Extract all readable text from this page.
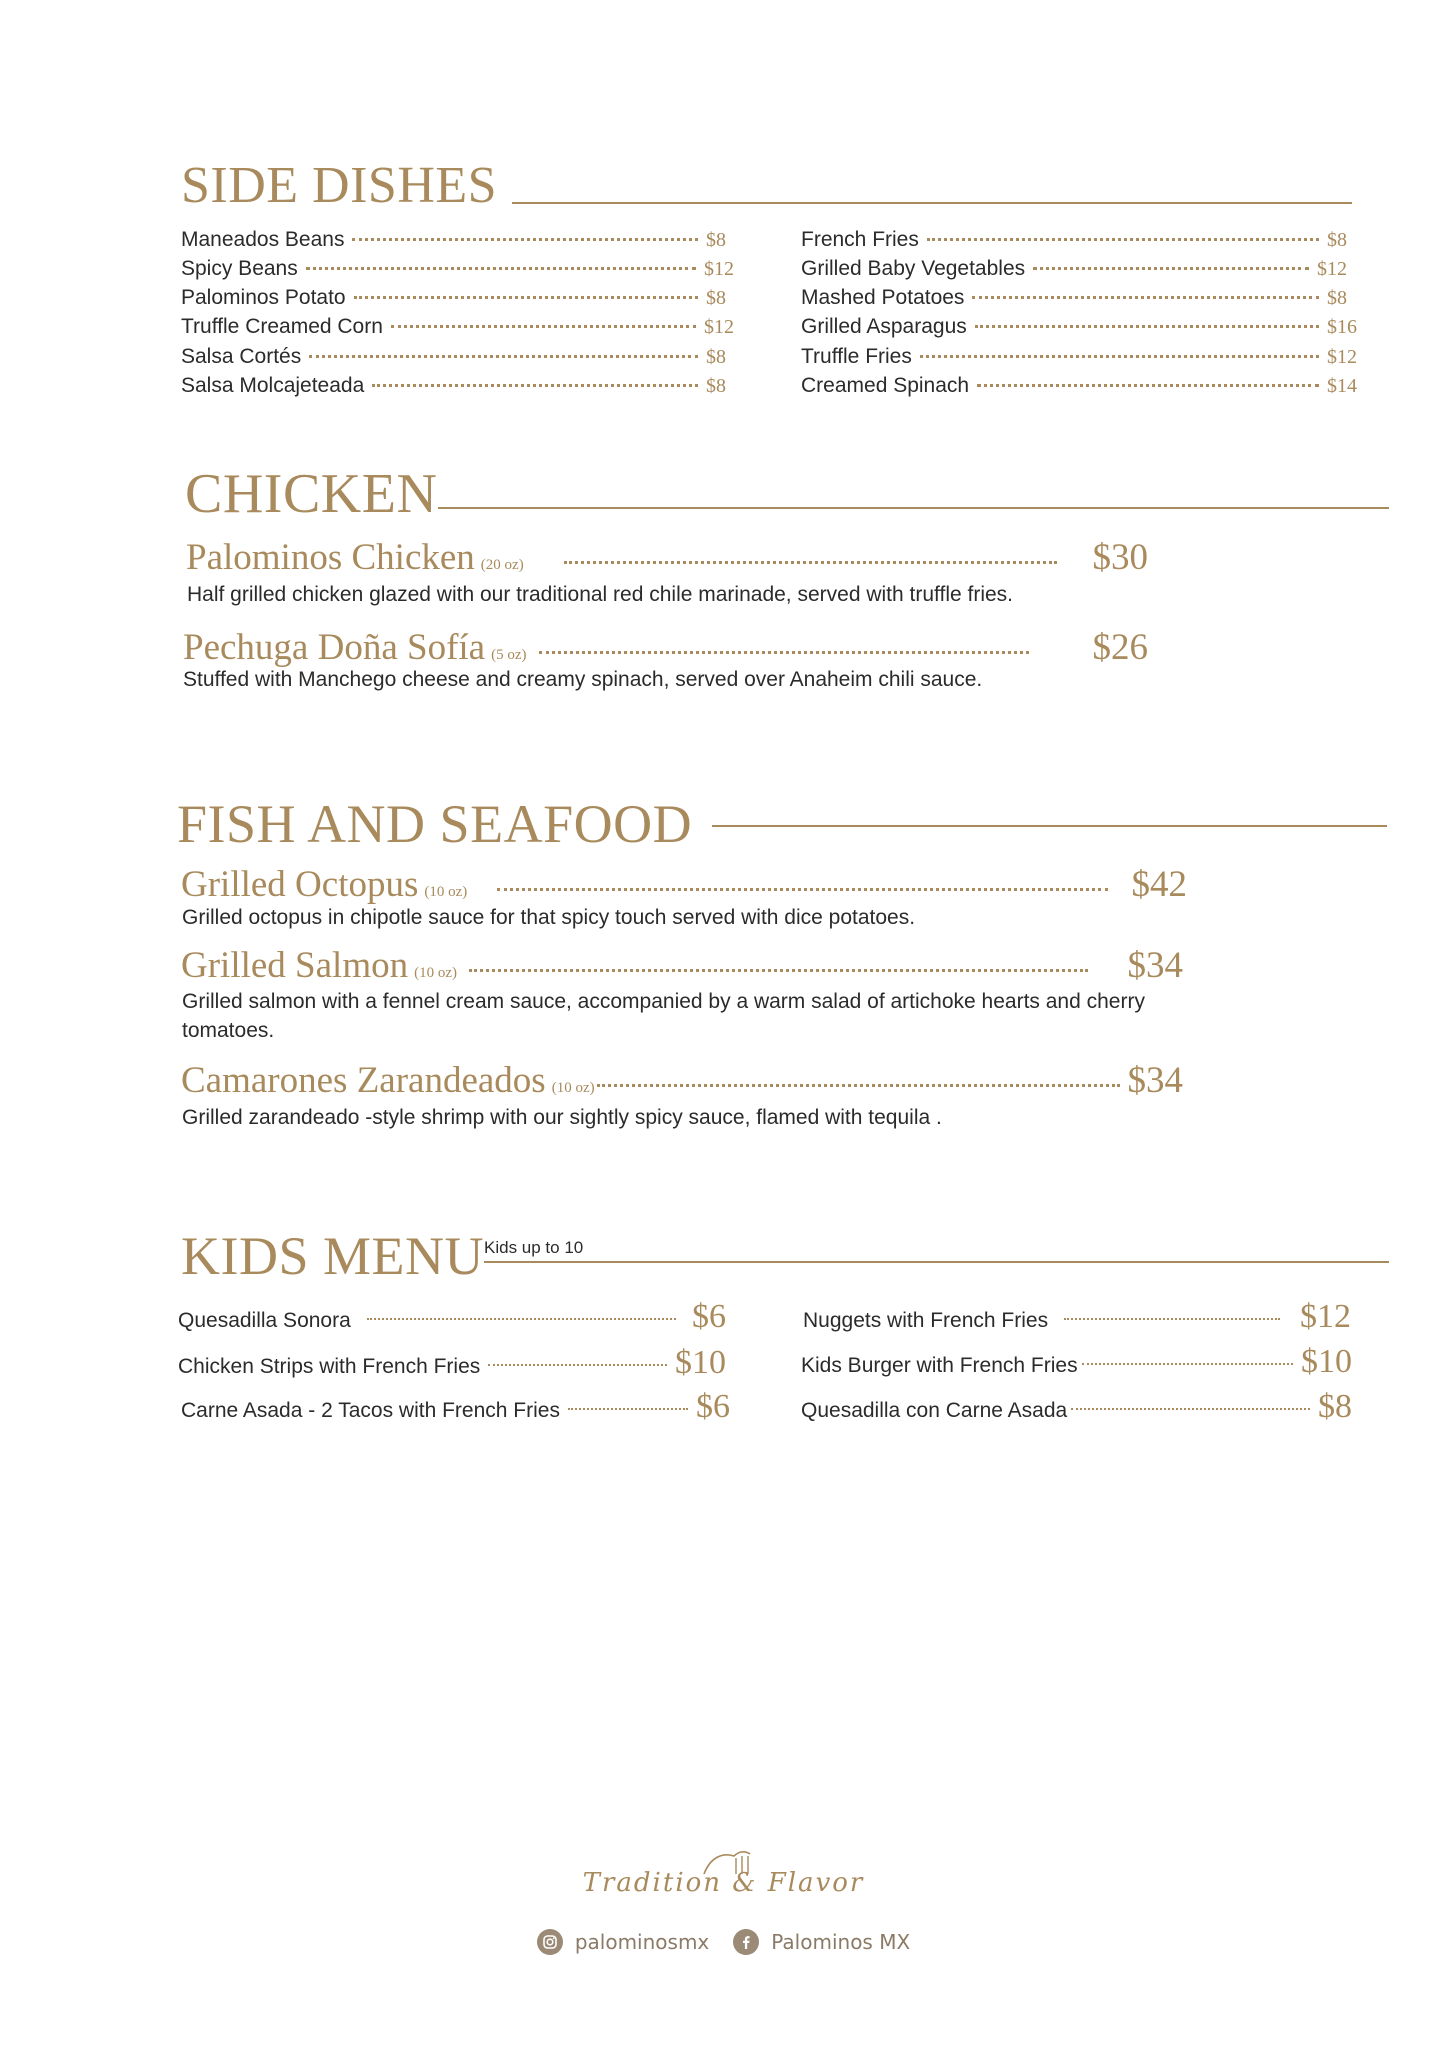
SIDE DISHES
Maneados Beans	$8
Spicy Beans	$12
Palominos Potato	$8
Truffle Creamed Corn	$12
Salsa Cortés	$8
Salsa Molcajeteada	$8
French Fries	$8
Grilled Baby Vegetables	$12
Mashed Potatoes	$8
Grilled Asparagus	$16
Truffle Fries	$12
Creamed Spinach	$14
CHICKEN
Palominos Chicken (20 oz)	$30
Half grilled chicken glazed with our traditional red chile marinade, served with truffle fries.
Pechuga Doña Sofía (5 oz)	$26
Stuffed with Manchego cheese and creamy spinach, served over Anaheim chili sauce.
FISH AND SEAFOOD
Grilled Octopus (10 oz)	$42
Grilled octopus in chipotle sauce for that spicy touch served with dice potatoes.
Grilled Salmon (10 oz)	$34
Grilled salmon with a fennel cream sauce, accompanied by a warm salad of artichoke hearts and cherry tomatoes.
Camarones Zarandeados (10 oz)	$34
Grilled zarandeado -style shrimp with our sightly spicy sauce, flamed with tequila .
KIDS MENU Kids up to 10
Quesadilla Sonora	$6
Chicken Strips with French Fries	$10
Carne Asada - 2 Tacos with French Fries	$6
Nuggets with French Fries	$12
Kids Burger with French Fries	$10
Quesadilla con Carne Asada	$8
Tradition & Flavor
palominosmx	Palominos MX
